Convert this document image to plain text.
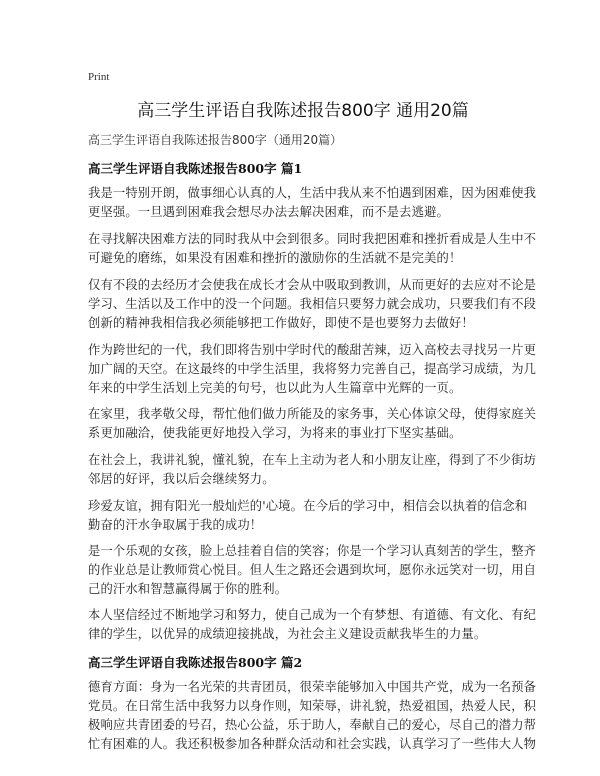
Print
高三学生评语自我陈述报告800字 通用20篇
高三学生评语自我陈述报告800字（通用20篇）
高三学生评语自我陈述报告800字 篇1
我是一特别开朗，做事细心认真的人，生活中我从来不怕遇到困难，因为困难使我
更坚强。一旦遇到困难我会想尽办法去解决困难，而不是去逃避。
在寻找解决困难方法的同时我从中会到很多。同时我把困难和挫折看成是人生中不
可避免的磨练，如果没有困难和挫折的激励你的生活就不是完美的！
仅有不段的去经历才会使我在成长才会从中吸取到教训，从而更好的去应对不论是
学习、生活以及工作中的没一个问题。我相信只要努力就会成功，只要我们有不段
创新的精神我相信我必须能够把工作做好，即使不是也要努力去做好！
作为跨世纪的一代，我们即将告别中学时代的酸甜苦辣，迈入高校去寻找另一片更
加广阔的天空。在这最终的中学生活里，我将努力完善自己，提高学习成绩，为几
年来的中学生活划上完美的句号，也以此为人生篇章中光辉的一页。
在家里，我孝敬父母，帮忙他们做力所能及的家务事，关心体谅父母，使得家庭关
系更加融洽，使我能更好地投入学习，为将来的事业打下坚实基础。
在社会上，我讲礼貌，懂礼貌，在车上主动为老人和小朋友让座，得到了不少街坊
邻居的好评，我以后会继续努力。
珍爱友谊，拥有阳光一般灿烂的'心境。在今后的学习中，相信会以执着的信念和
勤奋的汗水争取属于我的成功！
是一个乐观的女孩，脸上总挂着自信的笑容；你是一个学习认真刻苦的学生，整齐
的作业总是让教师赏心悦目。但人生之路还会遇到坎坷，愿你永远笑对一切，用自
己的汗水和智慧赢得属于你的胜利。
本人坚信经过不断地学习和努力，使自己成为一个有梦想、有道德、有文化、有纪
律的学生，以优异的成绩迎接挑战，为社会主义建设贡献我毕生的力量。
高三学生评语自我陈述报告800字 篇2
德育方面：身为一名光荣的共青团员，很荣幸能够加入中国共产党，成为一名预备
党员。在日常生活中我努力以身作则，知荣辱，讲礼貌，热爱祖国，热爱人民，积
极响应共青团委的号召，热心公益，乐于助人，奉献自己的爱心，尽自己的潜力帮
忙有困难的人。我还积极参加各种群众活动和社会实践，认真学习了一些伟大人物
